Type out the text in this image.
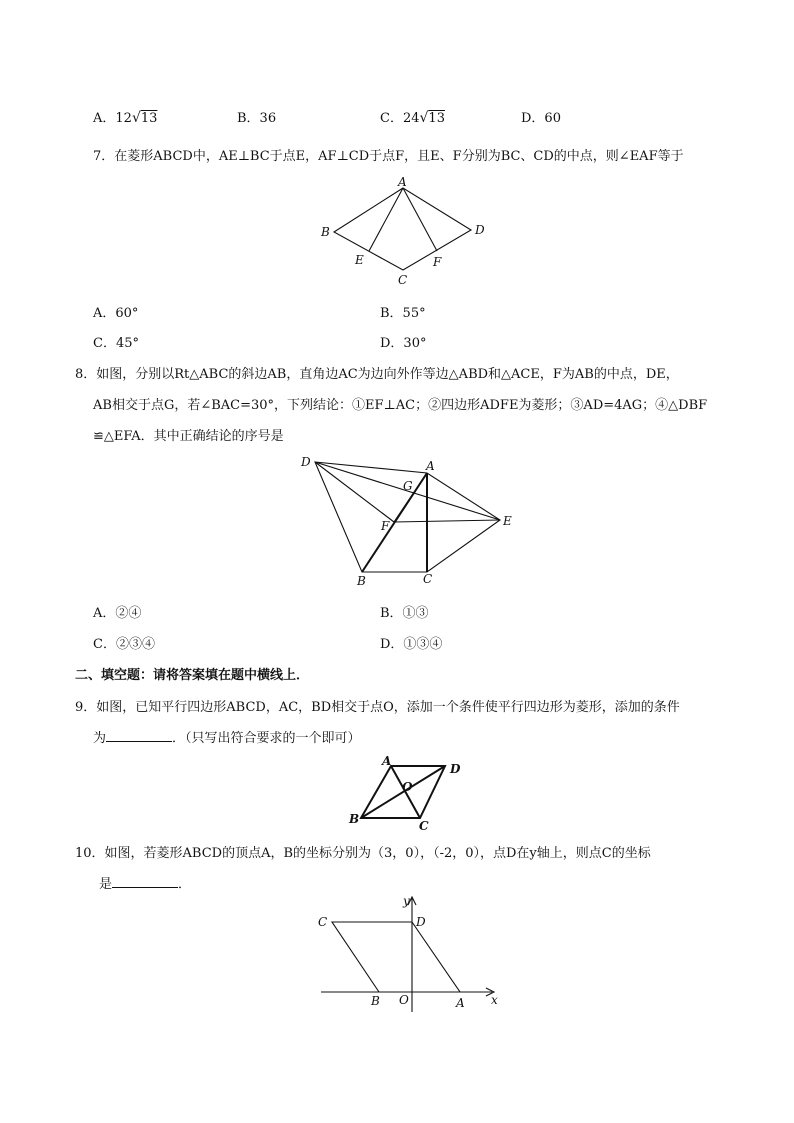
A．12√13	B．36	C．24√13	D．60
7．在菱形ABCD中，AE⊥BC于点E，AF⊥CD于点F，且E、F分别为BC、CD的中点，则∠EAF等于
A
B
C
D
E	F
A．60°	B．55°
C．45°	D．30°
8．如图，分别以Rt△ABC的斜边AB，直角边AC为边向外作等边△ABD和△ACE，F为AB的中点，DE，
AB相交于点G，若∠BAC=30°，下列结论：①EF⊥AC；②四边形ADFE为菱形；③AD=4AG；④△DBF
≌△EFA．其中正确结论的序号是
D	A
G
F	E
B	C
A．②④	B．①③
C．②③④	D．①③④
二、填空题：请将答案填在题中横线上．
9．如图，已知平行四边形ABCD，AC，BD相交于点O，添加一个条件使平行四边形为菱形，添加的条件
为	．（只写出符合要求的一个即可）
A
D
O
B	C
10．如图，若菱形ABCD的顶点A，B的坐标分别为（3，0），（-2，0），点D在y轴上，则点C的坐标
是	．
C	D
y
B O	A x
